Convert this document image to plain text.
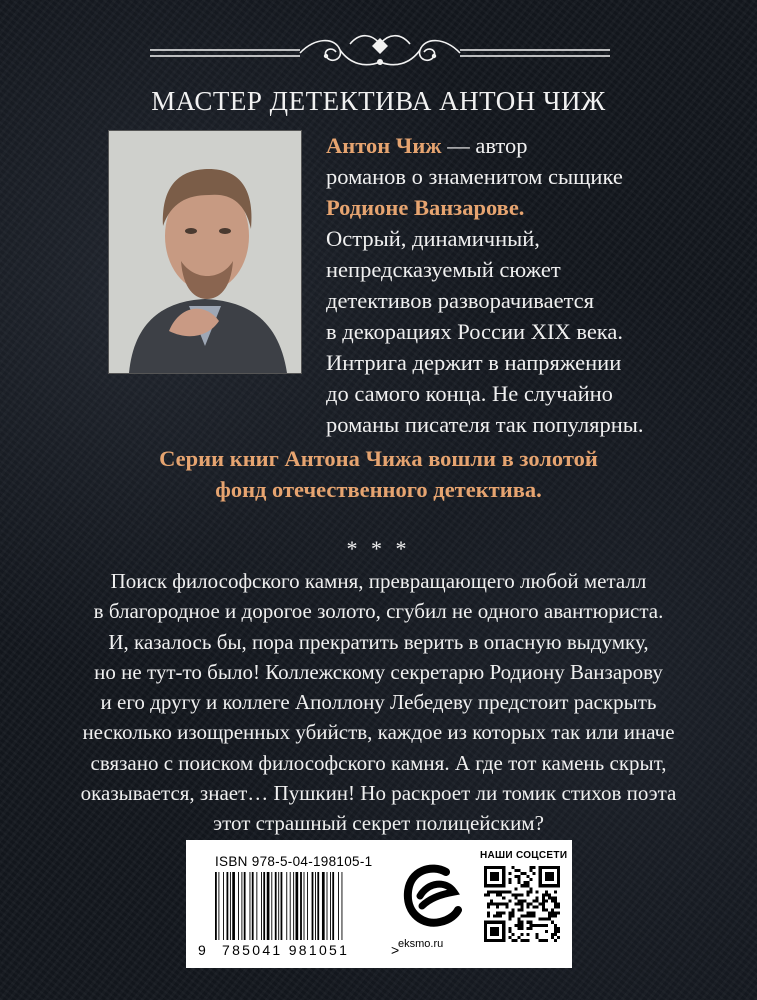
МАСТЕР ДЕТЕКТИВА АНТОН ЧИЖ
Антон Чиж — автор
романов о знаменитом сыщике
Родионе Ванзарове.
Острый, динамичный,
непредсказуемый сюжет
детективов разворачивается
в декорациях России XIX века.
Интрига держит в напряжении
до самого конца. Не случайно
романы писателя так популярны.
Серии книг Антона Чижа вошли в золотой
фонд отечественного детектива.
* * *
Поиск философского камня, превращающего любой металл
в благородное и дорогое золото, сгубил не одного авантюриста.
И, казалось бы, пора прекратить верить в опасную выдумку,
но не тут-то было! Коллежскому секретарю Родиону Ванзарову
и его другу и коллеге Аполлону Лебедеву предстоит раскрыть
несколько изощренных убийств, каждое из которых так или иначе
связано с поиском философского камня. А где тот камень скрыт,
оказывается, знает… Пушкин! Но раскроет ли томик стихов поэта
этот страшный секрет полицейским?
ISBN 978-5-04-198105-1
9 785041 981051	>
eksmo.ru
НАШИ СОЦСЕТИ
